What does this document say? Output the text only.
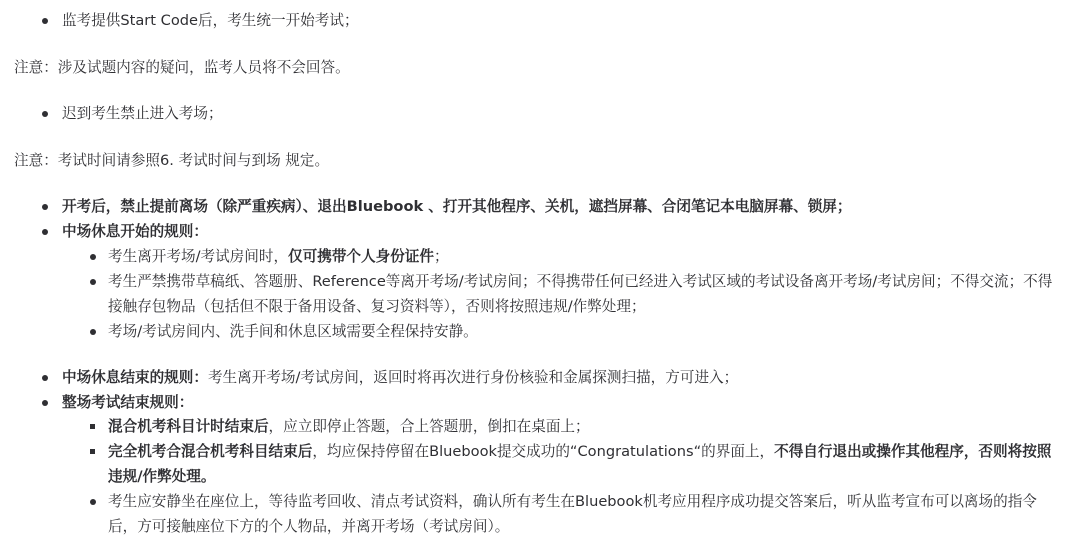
监考提供Start Code后，考生统一开始考试；
注意：涉及试题内容的疑问，监考人员将不会回答。
迟到考生禁止进入考场；
注意：考试时间请参照6. 考试时间与到场 规定。
开考后，禁止提前离场（除严重疾病）、退出Bluebook 、打开其他程序、关机，遮挡屏幕、合闭笔记本电脑屏幕、锁屏；
中场休息开始的规则：
考生离开考场/考试房间时，仅可携带个人身份证件；
考生严禁携带草稿纸、答题册、Reference等离开考场/考试房间；不得携带任何已经进入考试区域的考试设备离开考场/考试房间；不得交流；不得接触存包物品（包括但不限于备用设备、复习资料等），否则将按照违规/作弊处理；
考场/考试房间内、洗手间和休息区域需要全程保持安静。
中场休息结束的规则：考生离开考场/考试房间，返回时将再次进行身份核验和金属探测扫描，方可进入；
整场考试结束规则：
混合机考科目计时结束后，应立即停止答题，合上答题册，倒扣在桌面上；
完全机考合混合机考科目结束后，均应保持停留在Bluebook提交成功的“Congratulations“的界面上，不得自行退出或操作其他程序，否则将按照违规/作弊处理。
考生应安静坐在座位上，等待监考回收、清点考试资料，确认所有考生在Bluebook机考应用程序成功提交答案后，听从监考宣布可以离场的指令后，方可接触座位下方的个人物品，并离开考场（考试房间）。
